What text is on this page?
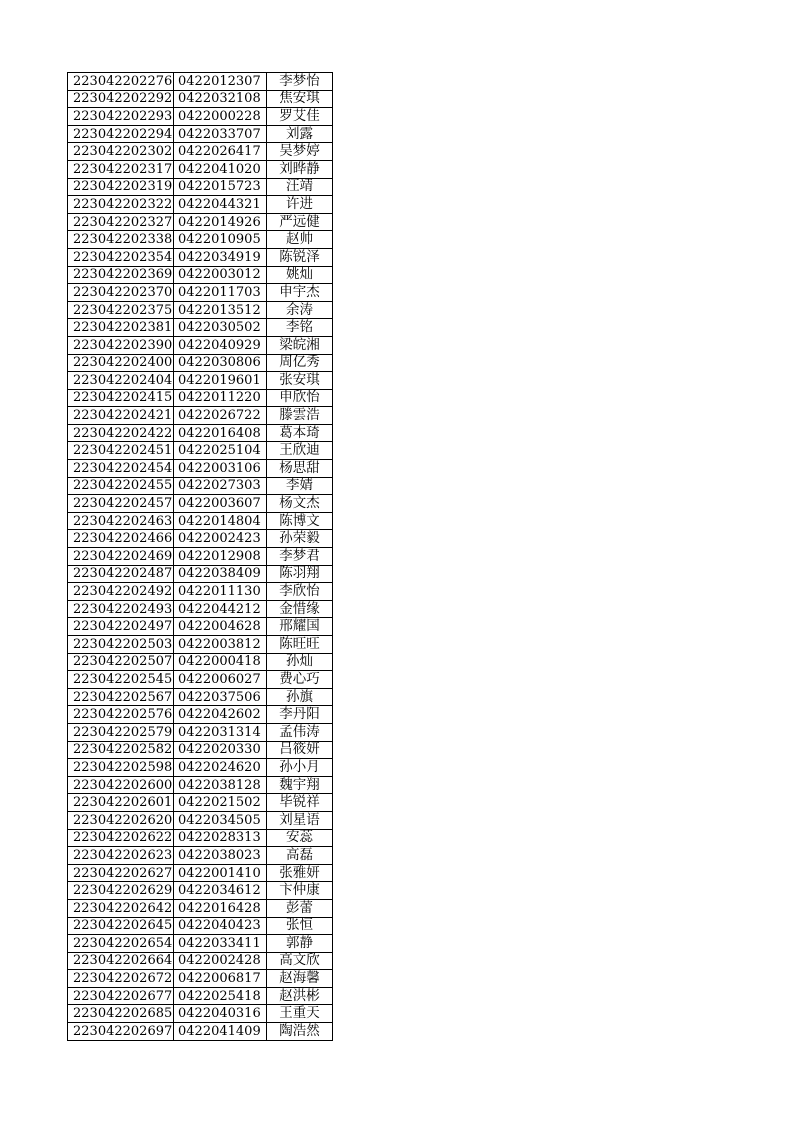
223042202276	0422012307	李梦怡
223042202292	0422032108	焦安琪
223042202293	0422000228	罗艾佳
223042202294	0422033707	刘露
223042202302	0422026417	吴梦婷
223042202317	0422041020	刘晔静
223042202319	0422015723	汪靖
223042202322	0422044321	许进
223042202327	0422014926	严远健
223042202338	0422010905	赵帅
223042202354	0422034919	陈锐泽
223042202369	0422003012	姚灿
223042202370	0422011703	申宇杰
223042202375	0422013512	余涛
223042202381	0422030502	李铭
223042202390	0422040929	梁皖湘
223042202400	0422030806	周亿秀
223042202404	0422019601	张安琪
223042202415	0422011220	申欣怡
223042202421	0422026722	滕雲浩
223042202422	0422016408	葛本琦
223042202451	0422025104	王欣迪
223042202454	0422003106	杨思甜
223042202455	0422027303	李婧
223042202457	0422003607	杨文杰
223042202463	0422014804	陈博文
223042202466	0422002423	孙荣毅
223042202469	0422012908	李梦君
223042202487	0422038409	陈羽翔
223042202492	0422011130	李欣怡
223042202493	0422044212	金惜缘
223042202497	0422004628	邢耀国
223042202503	0422003812	陈旺旺
223042202507	0422000418	孙灿
223042202545	0422006027	费心巧
223042202567	0422037506	孙旗
223042202576	0422042602	李丹阳
223042202579	0422031314	孟伟涛
223042202582	0422020330	吕筱妍
223042202598	0422024620	孙小月
223042202600	0422038128	魏宇翔
223042202601	0422021502	毕锐祥
223042202620	0422034505	刘星语
223042202622	0422028313	安蕊
223042202623	0422038023	高磊
223042202627	0422001410	张雅妍
223042202629	0422034612	卞仲康
223042202642	0422016428	彭蕾
223042202645	0422040423	张恒
223042202654	0422033411	郭静
223042202664	0422002428	高文欣
223042202672	0422006817	赵海馨
223042202677	0422025418	赵洪彬
223042202685	0422040316	王重天
223042202697	0422041409	陶浩然
